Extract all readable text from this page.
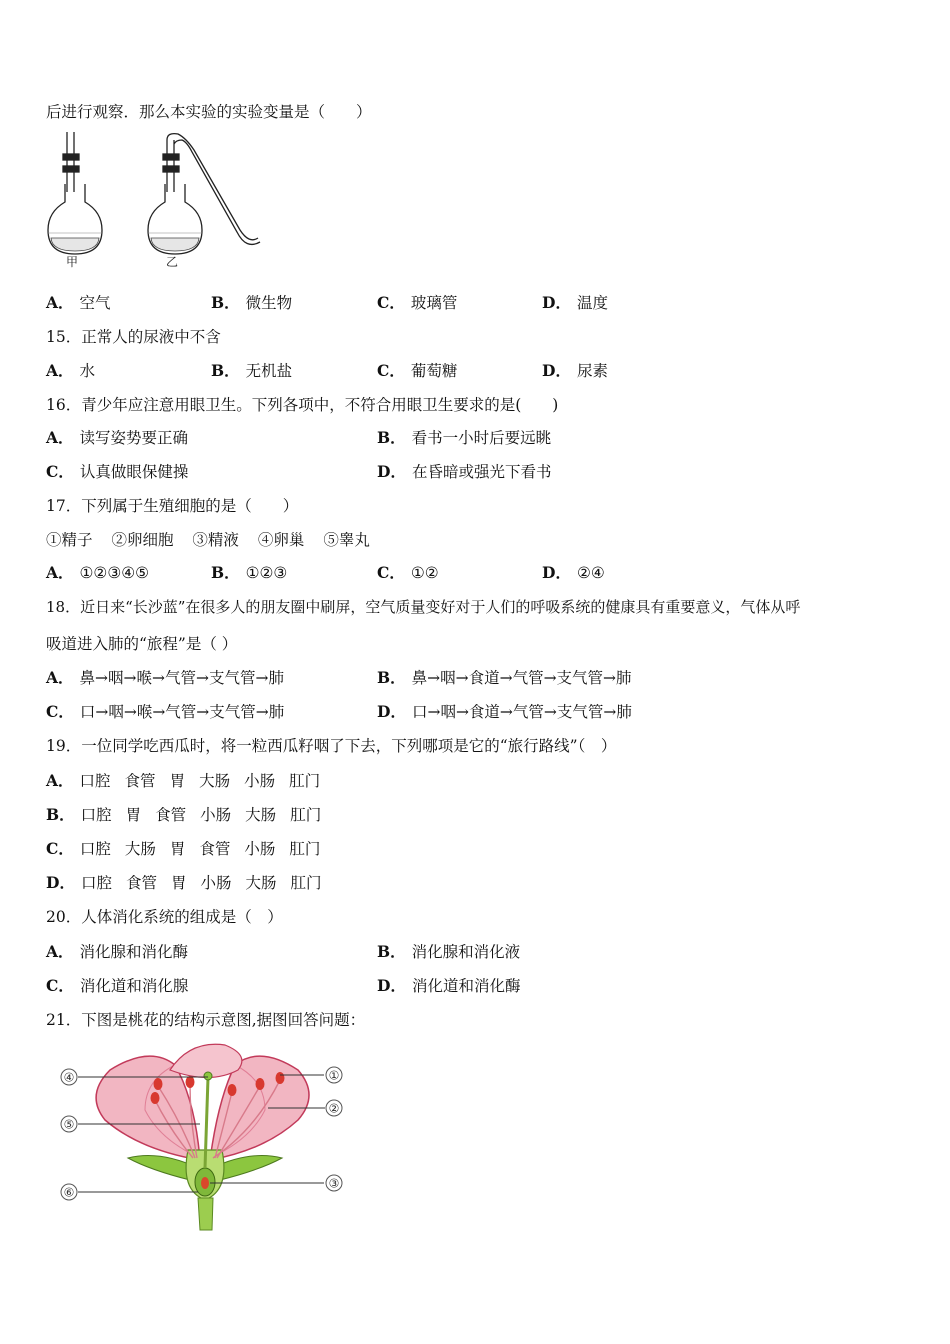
后进行观察．那么本实验的实验变量是（　　）
甲	乙
A． 空气	B． 微生物	C． 玻璃管	D． 温度
15．正常人的尿液中不含
A． 水	B． 无机盐	C． 葡萄糖	D． 尿素
16．青少年应注意用眼卫生。下列各项中，不符合用眼卫生要求的是(　　)
A． 读写姿势要正确	B． 看书一小时后要远眺
C． 认真做眼保健操	D． 在昏暗或强光下看书
17．下列属于生殖细胞的是（　　）
①精子 ②卵细胞 ③精液 ④卵巢 ⑤睾丸
A． ①②③④⑤	B． ①②③	C． ①②	D． ②④
18．近日来“长沙蓝”在很多人的朋友圈中刷屏，空气质量变好对于人们的呼吸系统的健康具有重要意义，气体从呼
吸道进入肺的“旅程”是（ ）
A． 鼻→咽→喉→气管→支气管→肺	B． 鼻→咽→食道→气管→支气管→肺
C． 口→咽→喉→气管→支气管→肺	D． 口→咽→食道→气管→支气管→肺
19．一位同学吃西瓜时，将一粒西瓜籽咽了下去，下列哪项是它的“旅行路线”（　）
A． 口腔 食管 胃 大肠 小肠 肛门
B． 口腔 胃 食管 小肠 大肠 肛门
C． 口腔 大肠 胃 食管 小肠 肛门
D． 口腔 食管 胃 小肠 大肠 肛门
20．人体消化系统的组成是（　）
A． 消化腺和消化酶	B． 消化腺和消化液
C． 消化道和消化腺	D． 消化道和消化酶
21．下图是桃花的结构示意图,据图回答问题：
④
⑤
⑥
①
②
③
